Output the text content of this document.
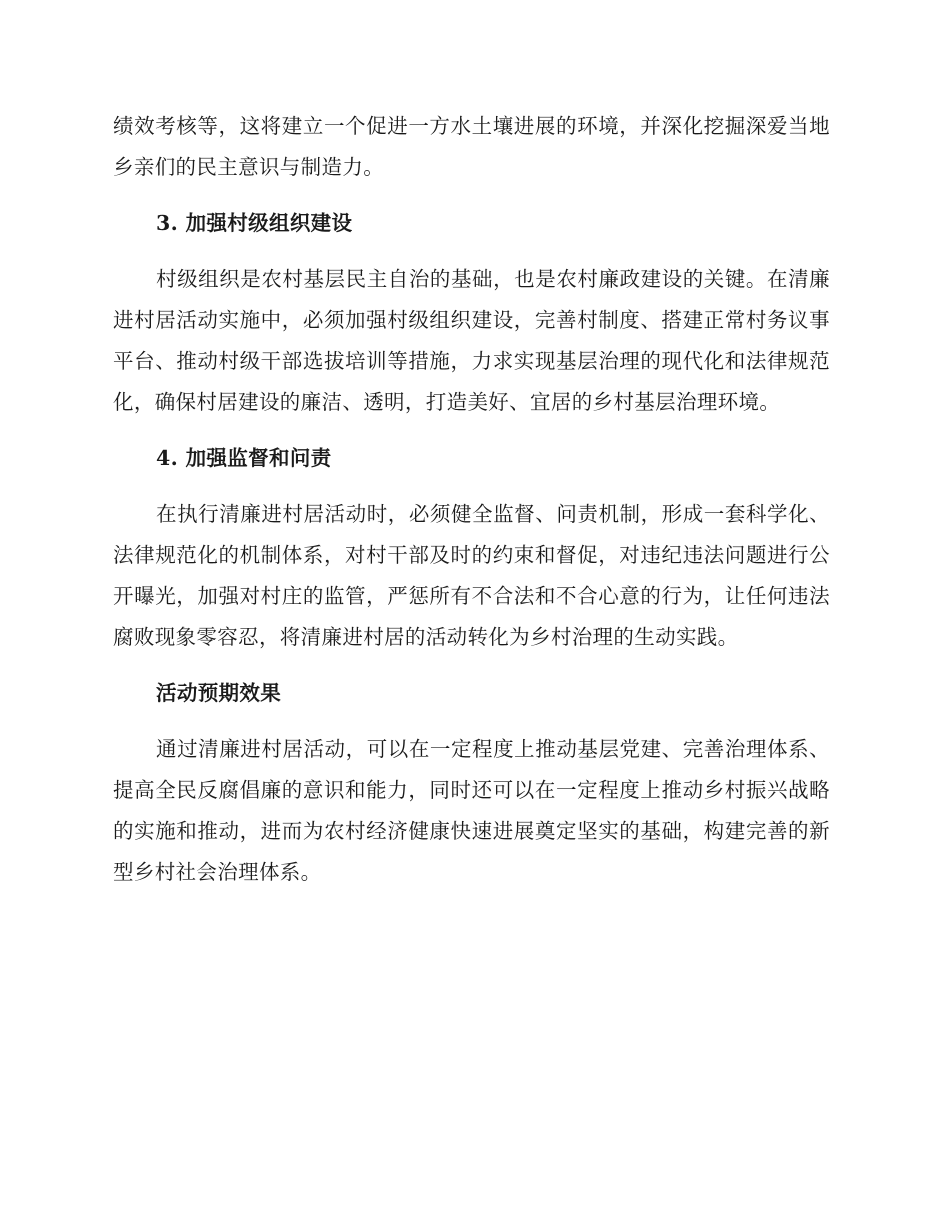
绩效考核等，这将建立一个促进一方水土壤进展的环境，并深化挖掘深爱当地乡亲们的民主意识与制造力。

3. 加强村级组织建设

村级组织是农村基层民主自治的基础，也是农村廉政建设的关键。在清廉进村居活动实施中，必须加强村级组织建设，完善村制度、搭建正常村务议事平台、推动村级干部选拔培训等措施，力求实现基层治理的现代化和法律规范化，确保村居建设的廉洁、透明，打造美好、宜居的乡村基层治理环境。

4. 加强监督和问责

在执行清廉进村居活动时，必须健全监督、问责机制，形成一套科学化、法律规范化的机制体系，对村干部及时的约束和督促，对违纪违法问题进行公开曝光，加强对村庄的监管，严惩所有不合法和不合心意的行为，让任何违法腐败现象零容忍，将清廉进村居的活动转化为乡村治理的生动实践。

活动预期效果

通过清廉进村居活动，可以在一定程度上推动基层党建、完善治理体系、提高全民反腐倡廉的意识和能力，同时还可以在一定程度上推动乡村振兴战略的实施和推动，进而为农村经济健康快速进展奠定坚实的基础，构建完善的新型乡村社会治理体系。
